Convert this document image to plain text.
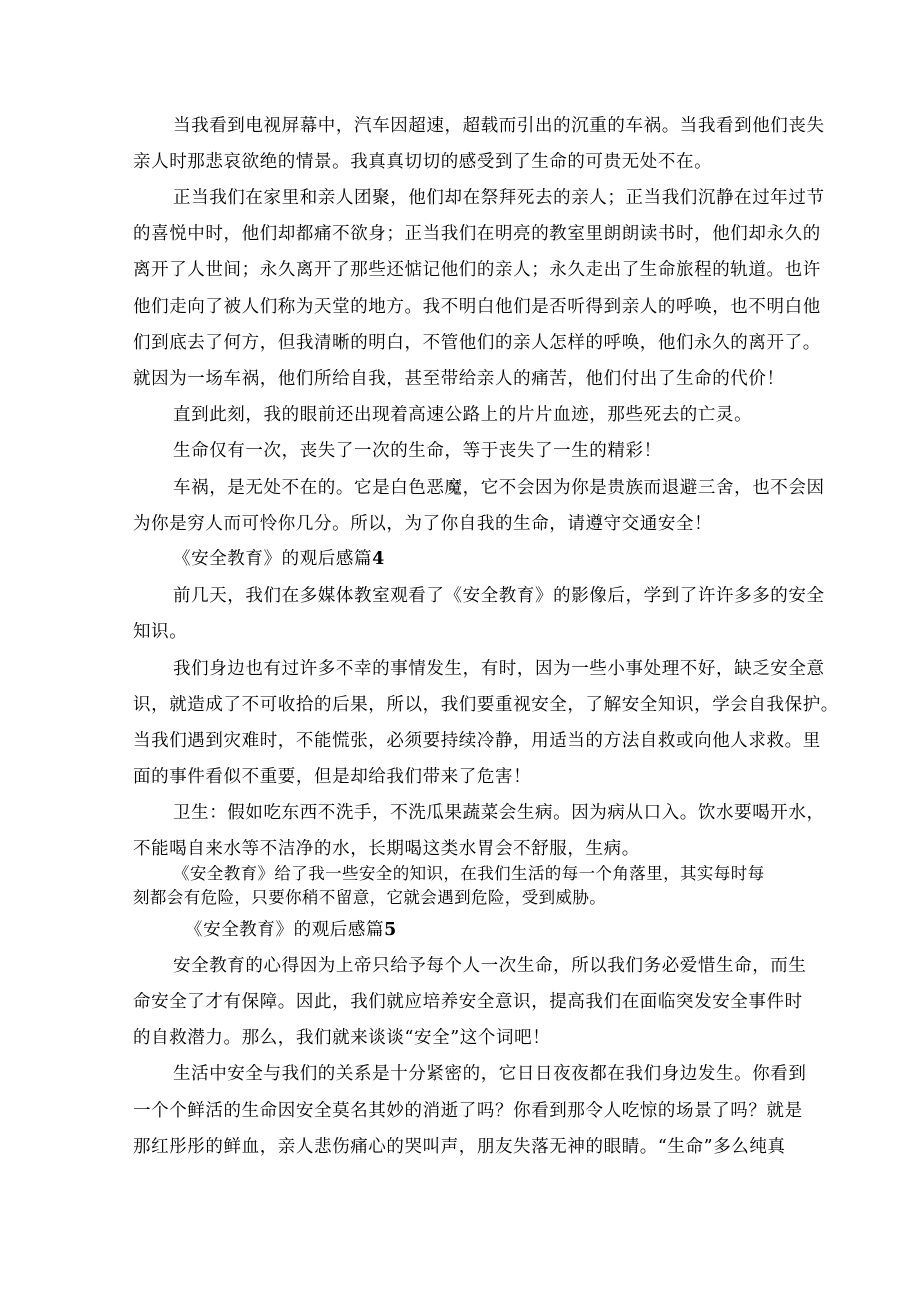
当我看到电视屏幕中，汽车因超速，超载而引出的沉重的车祸。当我看到他们丧失
亲人时那悲哀欲绝的情景。我真真切切的感受到了生命的可贵无处不在。
正当我们在家里和亲人团聚，他们却在祭拜死去的亲人；正当我们沉静在过年过节
的喜悦中时，他们却都痛不欲身；正当我们在明亮的教室里朗朗读书时，他们却永久的
离开了人世间；永久离开了那些还惦记他们的亲人；永久走出了生命旅程的轨道。也许
他们走向了被人们称为天堂的地方。我不明白他们是否听得到亲人的呼唤，也不明白他
们到底去了何方，但我清晰的明白，不管他们的亲人怎样的呼唤，他们永久的离开了。
就因为一场车祸，他们所给自我，甚至带给亲人的痛苦，他们付出了生命的代价！
直到此刻，我的眼前还出现着高速公路上的片片血迹，那些死去的亡灵。
生命仅有一次，丧失了一次的生命，等于丧失了一生的精彩！
车祸，是无处不在的。它是白色恶魔，它不会因为你是贵族而退避三舍，也不会因
为你是穷人而可怜你几分。所以，为了你自我的生命，请遵守交通安全！
《安全教育》的观后感篇4
前几天，我们在多媒体教室观看了《安全教育》的影像后，学到了许许多多的安全
知识。
我们身边也有过许多不幸的事情发生，有时，因为一些小事处理不好，缺乏安全意
识，就造成了不可收拾的后果，所以，我们要重视安全，了解安全知识，学会自我保护。
当我们遇到灾难时，不能慌张，必须要持续冷静，用适当的方法自救或向他人求救。里
面的事件看似不重要，但是却给我们带来了危害！
卫生：假如吃东西不洗手，不洗瓜果蔬菜会生病。因为病从口入。饮水要喝开水，
不能喝自来水等不洁净的水，长期喝这类水胃会不舒服，生病。
《安全教育》给了我一些安全的知识，在我们生活的每一个角落里，其实每时每
刻都会有危险，只要你稍不留意，它就会遇到危险，受到威胁。
《安全教育》的观后感篇5
安全教育的心得因为上帝只给予每个人一次生命，所以我们务必爱惜生命，而生
命安全了才有保障。因此，我们就应培养安全意识，提高我们在面临突发安全事件时
的自救潜力。那么，我们就来谈谈“安全”这个词吧！
生活中安全与我们的关系是十分紧密的，它日日夜夜都在我们身边发生。你看到
一个个鲜活的生命因安全莫名其妙的消逝了吗？你看到那令人吃惊的场景了吗？就是
那红彤彤的鲜血，亲人悲伤痛心的哭叫声，朋友失落无神的眼睛。“生命”多么纯真
